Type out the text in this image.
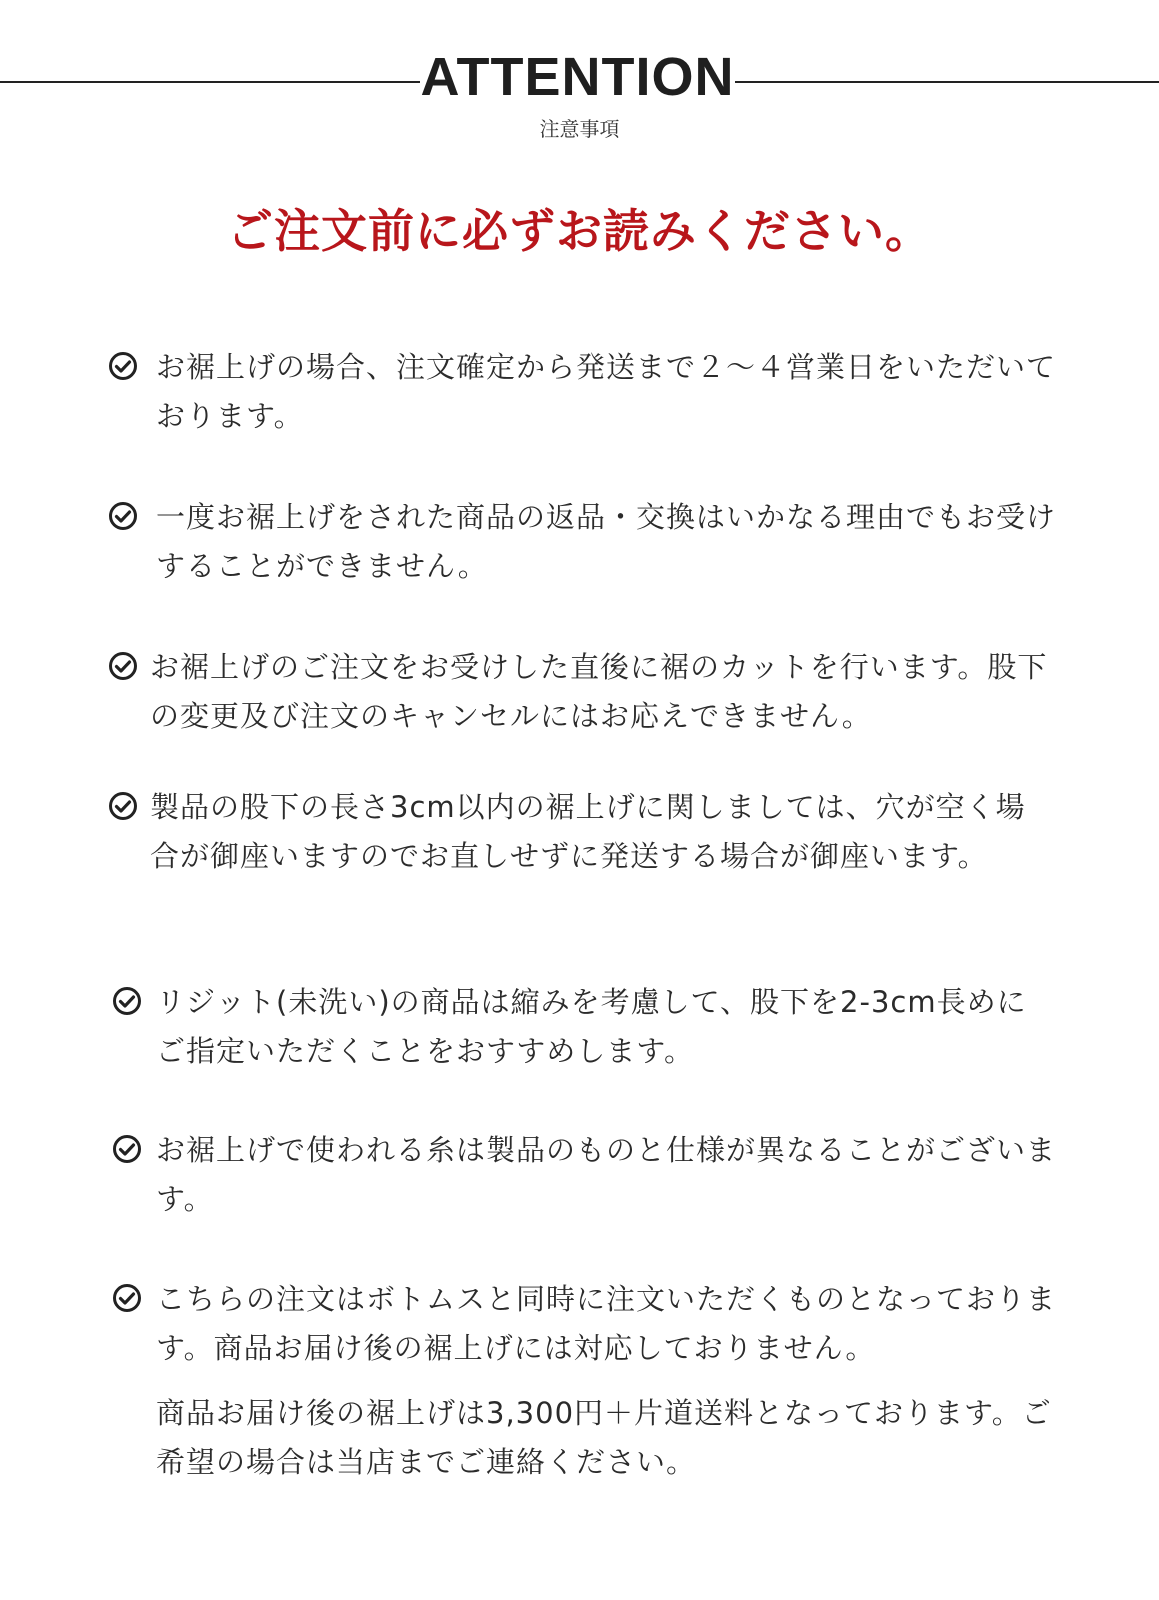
ATTENTION
注意事項
ご注文前に必ずお読みください。
お裾上げの場合、注文確定から発送まで２～４営業日をいただいております。
一度お裾上げをされた商品の返品・交換はいかなる理由でもお受けすることができません。
お裾上げのご注文をお受けした直後に裾のカットを行います。股下の変更及び注文のキャンセルにはお応えできません。
製品の股下の長さ3cm以内の裾上げに関しましては、穴が空く場合が御座いますのでお直しせずに発送する場合が御座います。
リジット(未洗い)の商品は縮みを考慮して、股下を2-3cm長めにご指定いただくことをおすすめします。
お裾上げで使われる糸は製品のものと仕様が異なることがございます。
こちらの注文はボトムスと同時に注文いただくものとなっております。商品お届け後の裾上げには対応しておりません。
商品お届け後の裾上げは3,300円＋片道送料となっております。ご希望の場合は当店までご連絡ください。
